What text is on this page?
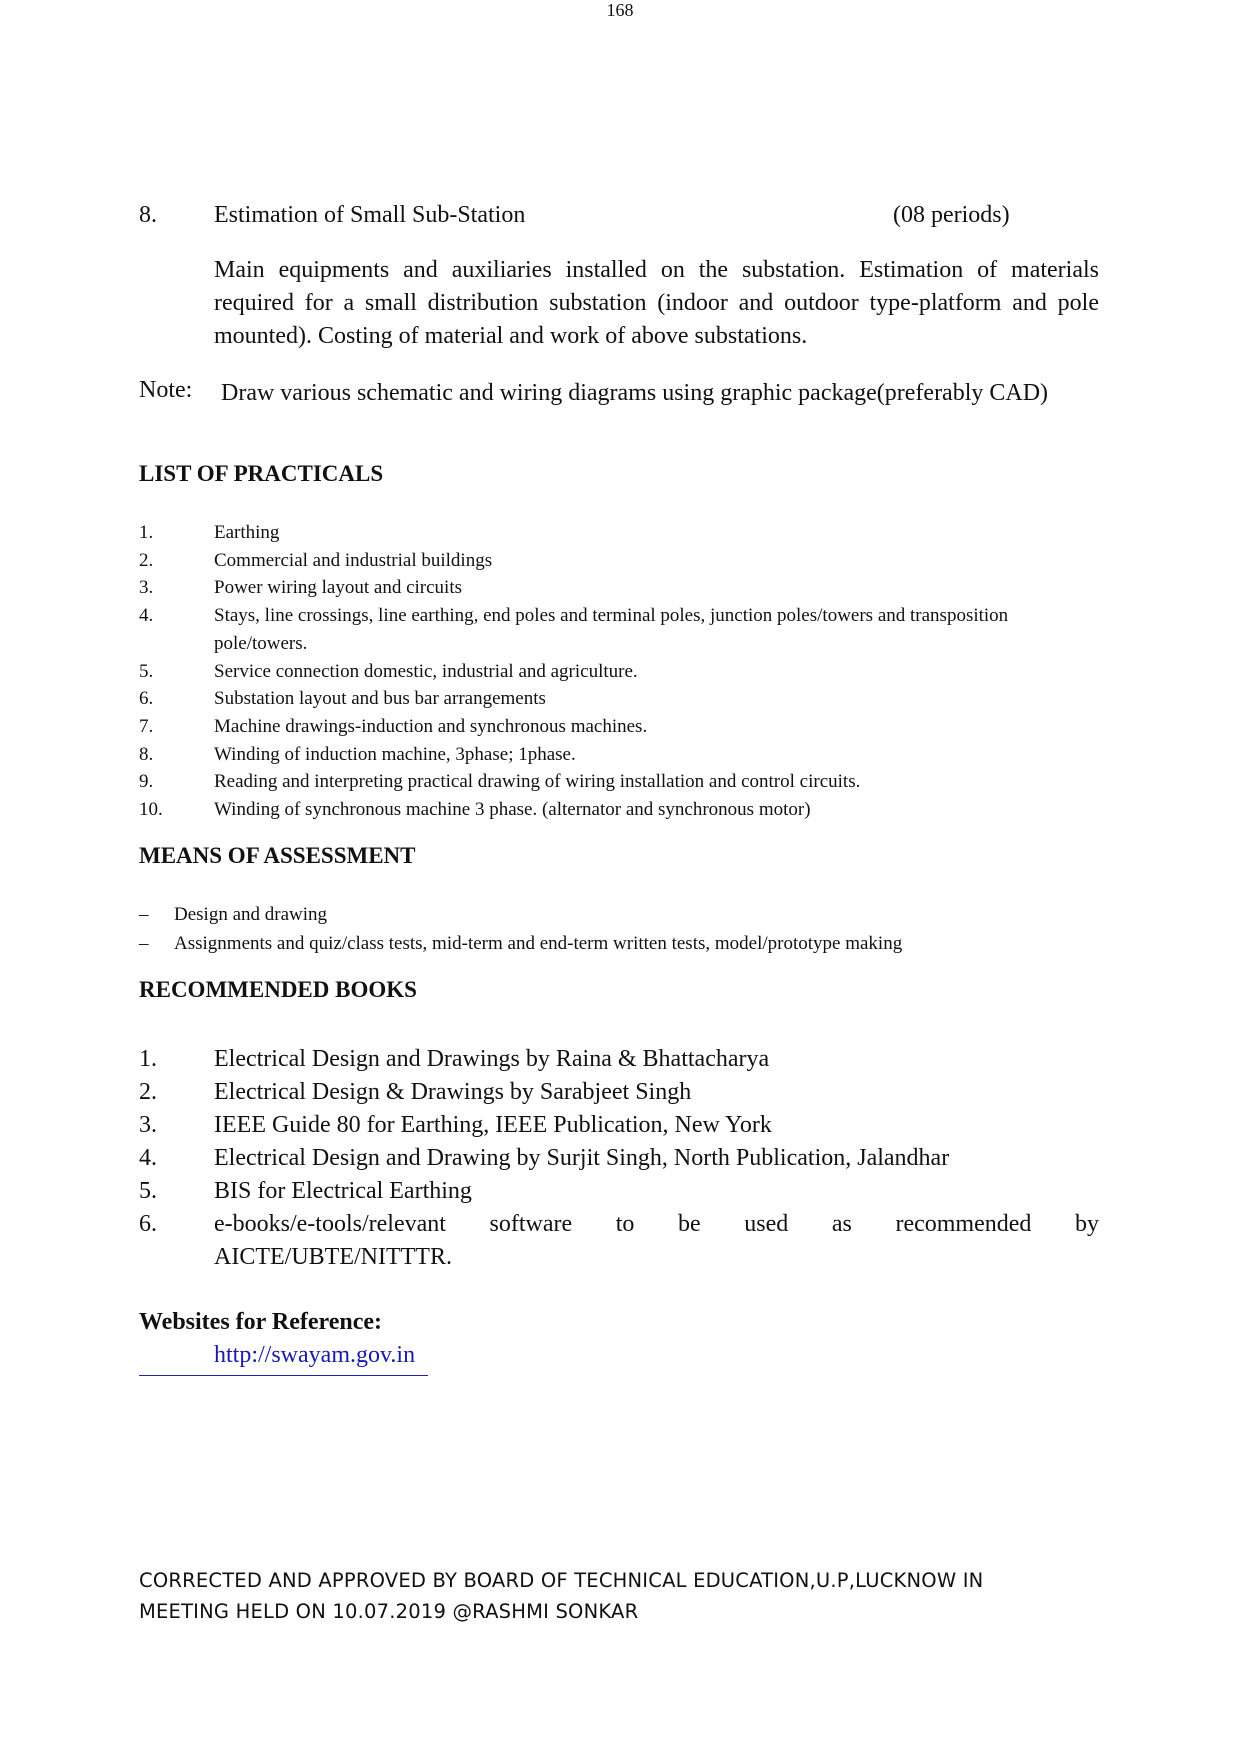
168
8. Estimation of Small Sub-Station	(08 periods)
Main equipments and auxiliaries installed on the substation. Estimation of materials required for a small distribution substation (indoor and outdoor type-platform and pole mounted). Costing of material and work of above substations.
Note: Draw various schematic and wiring diagrams using graphic package(preferably CAD)
LIST OF PRACTICALS
1.	Earthing
2.	Commercial and industrial buildings
3.	Power wiring layout and circuits
4.	Stays, line crossings, line earthing, end poles and terminal poles, junction poles/towers and transposition pole/towers.
5.	Service connection domestic, industrial and agriculture.
6.	Substation layout and bus bar arrangements
7.	Machine drawings-induction and synchronous machines.
8.	Winding of induction machine, 3phase; 1phase.
9.	Reading and interpreting practical drawing of wiring installation and control circuits.
10.	Winding of synchronous machine 3 phase. (alternator and synchronous motor)
MEANS OF ASSESSMENT
–	Design and drawing
–	Assignments and quiz/class tests, mid-term and end-term written tests, model/prototype making
RECOMMENDED BOOKS
1.	Electrical Design and Drawings by Raina & Bhattacharya
2.	Electrical Design & Drawings by Sarabjeet Singh
3.	IEEE Guide 80 for Earthing, IEEE Publication, New York
4.	Electrical Design and Drawing by Surjit Singh, North Publication, Jalandhar
5.	BIS for Electrical Earthing
6.	e-books/e-tools/relevant software to be used as recommended by
AICTE/UBTE/NITTTR.
Websites for Reference:
http://swayam.gov.in
CORRECTED AND APPROVED BY BOARD OF TECHNICAL EDUCATION,U.P,LUCKNOW IN
MEETING HELD ON 10.07.2019 @RASHMI SONKAR
